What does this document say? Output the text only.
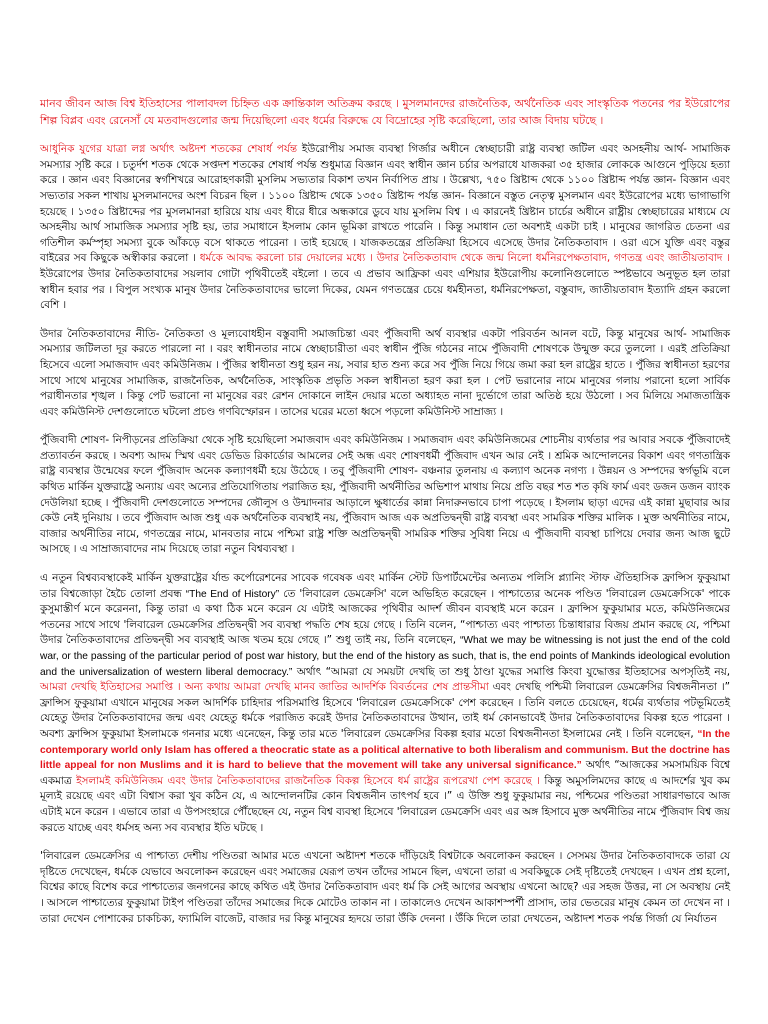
মানব জীবন আজ বিশ্ব ইতিহাসের পালাবদল চিহ্নিত এক ক্রান্তিকাল অতিক্রম করছে । মুসলমানদের রাজনৈতিক, অর্থনৈতিক এবং সাংস্কৃতিক পতনের পর ইউরোপের শিল্প বিপ্লব এবং রেনেসাঁ যে মতবাদগুলোর জন্ম দিয়েছিলো এবং ধর্মের বিরুদ্ধে যে বিদ্রোহের সৃষ্টি করেছিলো, তার আজ বিদায় ঘটছে ।

আধুনিক যুগের যাত্রা লগ্ন অর্থাৎ অষ্টদশ শতকের শেষার্ধ পর্যন্ত ইউরোপীয় সমাজ ব্যবস্থা গির্জার অধীনে স্বেচ্ছাচারী রাষ্ট্র ব্যবস্থা জটিল এবং অসহনীয় আর্থ- সামাজিক সমস্যার সৃষ্টি করে । চতুর্দশ শতক থেকে সপ্তদশ শতকের শেষার্ধ পর্যন্ত শুধুমাত্র বিজ্ঞান এবং স্বাধীন জ্ঞান চর্চার অপরাধে যাজকরা ৩৫ হাজার লোককে আগুনে পুড়িয়ে হত্যা করে । জ্ঞান এবং বিজ্ঞানের স্বর্গশিখরে আরোহণকারী মুসলিম সভ্যতার বিকাশ তখন নির্বাপিত প্রায় । উল্লেখ্য, ৭৫০ খ্রিষ্টাব্দ থেকে ১১০০ খ্রিষ্টাব্দ পর্যন্ত জ্ঞান- বিজ্ঞান এবং সভ্যতার সকল শাখায় মুসলমানদের অংশ বিচরন ছিল । ১১০০ খ্রিষ্টাব্দ থেকে ১৩৫০ খ্রিষ্টাব্দ পর্যন্ত জ্ঞান- বিজ্ঞানে বস্তুত নেতৃত্ব মুসলমান এবং ইউরোপের মধ্যে ভাগাভাগি হয়েছে । ১৩৫০ খ্রিষ্টাব্দের পর মুসলমানরা হারিয়ে যায় এবং ধীরে ধীরে অন্ধকারে ডুবে যায় মুসলিম বিশ্ব । এ কারনেই খ্রিষ্টান চার্চের অধীনে রাষ্ট্রীয় স্বেচ্ছাচারের মাধ্যমে যে অসহনীয় আর্থ সামাজিক সমস্যার সৃষ্টি হয়, তার সমাধানে ইসলাম কোন ভূমিকা রাখতে পারেনি । কিন্তু সমাধান তো অবশ্যই একটা চাই । মানুষের জাগরিত চেতনা এর গতিশীল কর্মস্পৃহা সমস্যা বুকে আঁকড়ে বসে থাকতে পারেনা । তাই হয়েছে । যাজকতন্ত্রের প্রতিক্রিয়া হিসেবে এসেছে উদার নৈতিকতাবাদ । ওরা এসে যুক্তি এবং বস্তুর বাইরের সব কিছুকে অস্বীকার করলো । ধর্মকে আবদ্ধ করলো চার দেয়ালের মধ্যে । উদার নৈতিকতাবাদ থেকে জন্ম নিলো ধর্মনিরপেক্ষতাবাদ, গণতন্ত্র এবং জাতীয়তাবাদ । ইউরোপের উদার নৈতিকতাবাদের সয়লাব গোটা পৃথিবীতেই বইলো । তবে এ প্রভাব আফ্রিকা এবং এশিয়ার ইউরোপীয় কলোনিগুলোতে স্পষ্টভাবে অনুভূত হল তারা স্বাধীন হবার পর । বিপুল সংখ্যক মানুষ উদার নৈতিকতাবাদের ভালো দিকের, যেমন গণতন্ত্রের চেয়ে ধর্মহীনতা, ধর্মনিরপেক্ষতা, বস্তুবাদ, জাতীয়তাবাদ ইত্যাদি গ্রহন করলো বেশি ।

উদার নৈতিকতাবাদের নীতি- নৈতিকতা ও মূল্যবোধহীন বস্তুবাদী সমাজচিন্তা এবং পুঁজিবাদী অর্থ ব্যবস্থার একটা পরিবর্তন আনল বটে, কিন্তু মানুষের আর্থ- সামাজিক সমস্যার জটিলতা দূর করতে পারলো না । বরং স্বাধীনতার নামে স্বেচ্ছাচারীতা এবং স্বাধীন পুঁজি গঠনের নামে পুঁজিবাদী শোষণকে উন্মুক্ত করে তুললো । এরই প্রতিক্রিয়া হিসেবে এলো সমাজবাদ এবং কমিউনিজম । পুঁজির স্বাধীনতা শুধু হরন নয়, সবার হাত শুন্য করে সব পুঁজি নিয়ে গিয়ে জমা করা হল রাষ্ট্রের হাতে । পুঁজির স্বাধীনতা হরণের সাথে সাথে মানুষের সামাজিক, রাজনৈতিক, অর্থনৈতিক, সাংস্কৃতিক প্রভৃতি সকল স্বাধীনতা হরণ করা হল । পেট ভরানোর নামে মানুষের গলায় পরানো হলো সার্বিক পরাধীনতার শৃঙ্খল । কিন্তু পেট ভরানো না মানুষের বরং রেশন দোকানে লাইন দেয়ার মতো অধ্যাহত নানা দুর্ভোগে তারা অতিষ্ঠ হয়ে উঠলো । সব মিলিয়ে সমাজতান্ত্রিক এবং কমিউনিস্ট দেশগুলোতে ঘটলো প্রচণ্ড গণবিস্ফোরন । তাসের ঘরের মতো ধ্বসে পড়লো কমিউনিস্ট সাম্রাজ্য ।

পুঁজিবাদী শোষণ- নিপীড়নের প্রতিক্রিয়া থেকে সৃষ্টি হয়েছিলো সমাজবাদ এবং কমিউনিজম । সমাজবাদ এবং কমিউনিজমের শোচনীয় ব্যর্থতার পর আবার সবকে পুঁজিবাদেই প্রত্যাবর্তন করছে । অবশ্য আদম স্মিথ এবং ডেভিড রিকার্ডোর আমলের সেই অন্ধ এবং শোষণধর্মী পুঁজিবাদ এখন আর নেই । শ্রমিক আন্দোলনের বিকাশ এবং গণতান্ত্রিক রাষ্ট্র ব্যবস্থার উন্মেষের ফলে পুঁজিবাদ অনেক কল্যাণধর্মী হয়ে উঠেছে । তবু পুঁজিবাদী শোষণ- বঞ্চনার তুলনায় এ কল্যাণ অনেক নগণ্য । উন্নয়ন ও সম্পদের স্বর্গভূমি বলে কথিত মার্কিন যুক্তরাষ্ট্রে অন্যায় এবং অন্যের প্রতিযোগিতায় পরাজিত হয়, পুঁজিবাদী অর্থনীতির অভিশাপ মাথায় নিয়ে প্রতি বছর শত শত কৃষি ফার্ম এবং ডজন ডজন ব্যাংক দেউলিয়া হচ্ছে । পুঁজিবাদী দেশগুলোতে সম্পদের জৌলুস ও উন্মাদনার আড়ালে ক্ষুধার্তের কান্না নিদারুনভাবে চাপা পড়েছে । ইসলাম ছাড়া এদের এই কান্না মুছাবার আর কেউ নেই দুনিয়ায় । তবে পুঁজিবাদ আজ শুধু এক অর্থনৈতিক ব্যবস্থাই নয়, পুঁজিবাদ আজ এক অপ্রতিদ্বন্দ্বী রাষ্ট্র ব্যবস্থা এবং সামরিক শক্তির মালিক । মুক্ত অর্থনীতির নামে, বাজার অর্থনীতির নামে, গণতন্ত্রের নামে, মানবতার নামে পশ্চিমা রাষ্ট্র শক্তি অপ্রতিদ্বন্দ্বী সামরিক শক্তির সুবিধা নিয়ে এ পুঁজিবাদী ব্যবস্থা চাপিয়ে দেবার জন্য আজ ছুটে আসছে । এ সাম্রাজ্যবাদের নাম দিয়েছে তারা নতুন বিশ্বব্যবস্থা ।

এ নতুন বিশ্বব্যবস্থাকেই মার্কিন যুক্তরাষ্ট্রের র্যান্ড কর্পোরেশনের সাবেক গবেষক এবং মার্কিন স্টেট ডিপার্টমেন্টের অন্যতম পলিসি প্ল্যানিং স্টাফ ঐতিহাসিক ফ্রান্সিস ফুকুয়ামা তার বিশ্বজোড়া হৈচৈ তোলা প্রবন্ধ “The End of History” তে 'লিবারেল ডেমক্রেসি' বলে অভিহিত করেছেন । পাশ্চাত্যের অনেক পণ্ডিত 'লিবারেল ডেমক্রেসিকে' পাকে কুসুমাস্তীর্ণ মনে করেননা, কিন্তু তারা এ কথা ঠিক মনে করেন যে এটাই আজকের পৃথিবীর আদর্শ জীবন ব্যবস্থাই মনে করেন । ফ্রান্সিস ফুকুয়ামার মতে, কমিউনিজমের পতনের সাথে সাথে 'লিবারেল ডেমক্রেসির প্রতিদ্বন্দ্বী সব ব্যবস্থা পদ্ধতি শেষ হয়ে গেছে । তিনি বলেন, “পাশ্চাত্য এবং পাশ্চাত্য চিন্তাধারার বিজয় প্রমান করছে যে, পশ্চিমা উদার নৈতিকতাবাদের প্রতিদ্বন্দ্বী সব ব্যবস্থাই আজ খতম হয়ে গেছে ।” শুধু তাই নয়, তিনি বলেছেন, “What we may be witnessing is not just the end of the cold war, or the passing of the particular period of post war history, but the end of the history as such, that is, the end points of Mankinds ideological evolution and the universalization of western liberal democracy.” অর্থাৎ “আমরা যে সময়টা দেখছি তা শুধু ঠাণ্ডা যুদ্ধের সমাপ্তি কিংবা যুদ্ধোত্তর ইতিহাসের অপসৃতিই নয়, আমরা দেখছি ইতিহাসের সমাপ্তি । অন্য কথায় আমরা দেখছি মানব জাতির আদর্শিক বিবর্তনের শেষ প্রান্তসীমা এবং দেখছি পশ্চিমী লিবারেল ডেমক্রেসির বিশ্বজনীনতা ।” ফ্রান্সিস ফুকুয়ামা এখানে মানুষের সকল আদর্শিক চাহিদার পরিসমাপ্তি হিসেবে 'লিবারেল ডেমক্রেসিকে' পেশ করেছেন । তিনি বলতে চেয়েছেন, ধর্মের ব্যর্থতার পটভূমিতেই যেহেতু উদার নৈতিকতাবাদের জন্ম এবং যেহেতু ধর্মকে পরাজিত করেই উদার নৈতিকতাবাদের উত্থান, তাই ধর্ম কোনভাবেই উদার নৈতিকতাবাদের বিকল্প হতে পারেনা । অবশ্য ফ্রান্সিস ফুকুয়ামা ইসলামকে গননার মধ্যে এনেছেন, কিন্তু তার মতে 'লিবারেল ডেমক্রেসির বিকল্প হবার মতো বিশ্বজনীনতা ইসলামের নেই । তিনি বলেছেন, “In the contemporary world only Islam has offered a theocratic state as a political alternative to both liberalism and communism. But the doctrine has little appeal for non Muslims and it is hard to believe that the movement will take any universal significance.” অর্থাৎ “আজকের সমসাময়িক বিশ্বে একমাত্র ইসলামই কমিউনিজম এবং উদার নৈতিকতাবাদের রাজনৈতিক বিকল্প হিসেবে ধর্ম রাষ্ট্রের রূপরেখা পেশ করেছে । কিন্তু অমুসলিমদের কাছে এ আদর্শের খুব কম মূল্যই রয়েছে এবং এটা বিশ্বাস করা খুব কঠিন যে, এ আন্দোলনটির কোন বিশ্বজনীন তাৎপর্য হবে ।” এ উক্তি শুধু ফুকুয়ামার নয়, পশ্চিমের পণ্ডিতরা সাধারণভাবে আজ এটাই মনে করেন । এভাবে তারা এ উপসংহারে পৌঁছেছেন যে, নতুন বিশ্ব ব্যবস্থা হিসেবে 'লিবারেল ডেমক্রেসি এবং এর অঙ্গ হিসাবে মুক্ত অর্থনীতির নামে পুঁজিবাদ বিশ্ব জয় করতে যাচ্ছে এবং ধর্মসহ অন্য সব ব্যবস্থার ইতি ঘটছে ।

'লিবারেল ডেমক্রেসির এ পাশ্চাত্য দেশীয় পণ্ডিতরা আমার মতে এখনো অষ্টাদশ শতকে দাঁড়িয়েই বিশ্বটাকে অবলোকন করছেন । সেসময় উদার নৈতিকতাবাদকে তারা যে দৃষ্টিতে দেখেছেন, ধর্মকে যেভাবে অবলোকন করেছেন এবং সমাজের যেরূপ তখন তাঁদের সামনে ছিল, এখনো তারা এ সবকিছুকে সেই দৃষ্টিতেই দেখছেন । এখন প্রশ্ন হলো, বিশ্বের কাছে বিশেষ করে পাশ্চাত্যের জনগনের কাছে কথিত এই উদার নৈতিকতাবাদ এবং ধর্ম কি সেই আগের অবস্থায় এখনো আছে? এর সহজ উত্তর, না সে অবস্থায় নেই । আসলে পাশ্চাত্যের ফুকুয়ামা টাইপ পণ্ডিতরা তাঁদের সমাজের দিকে মোটেও তাকান না । তাকালেও দেখেন আকাশস্পর্শী প্রাসাদ, তার ভেতরের মানুষ কেমন তা দেখেন না । তারা দেখেন পোশাকের চাকচিক্য, ফ্যামিলি বাজেট, বাজার দর কিন্তু মানুষের হৃদয়ে তারা উঁকি দেননা । উঁকি দিলে তারা দেখতেন, অষ্টাদশ শতক পর্যন্ত গির্জা যে নির্যাতন
